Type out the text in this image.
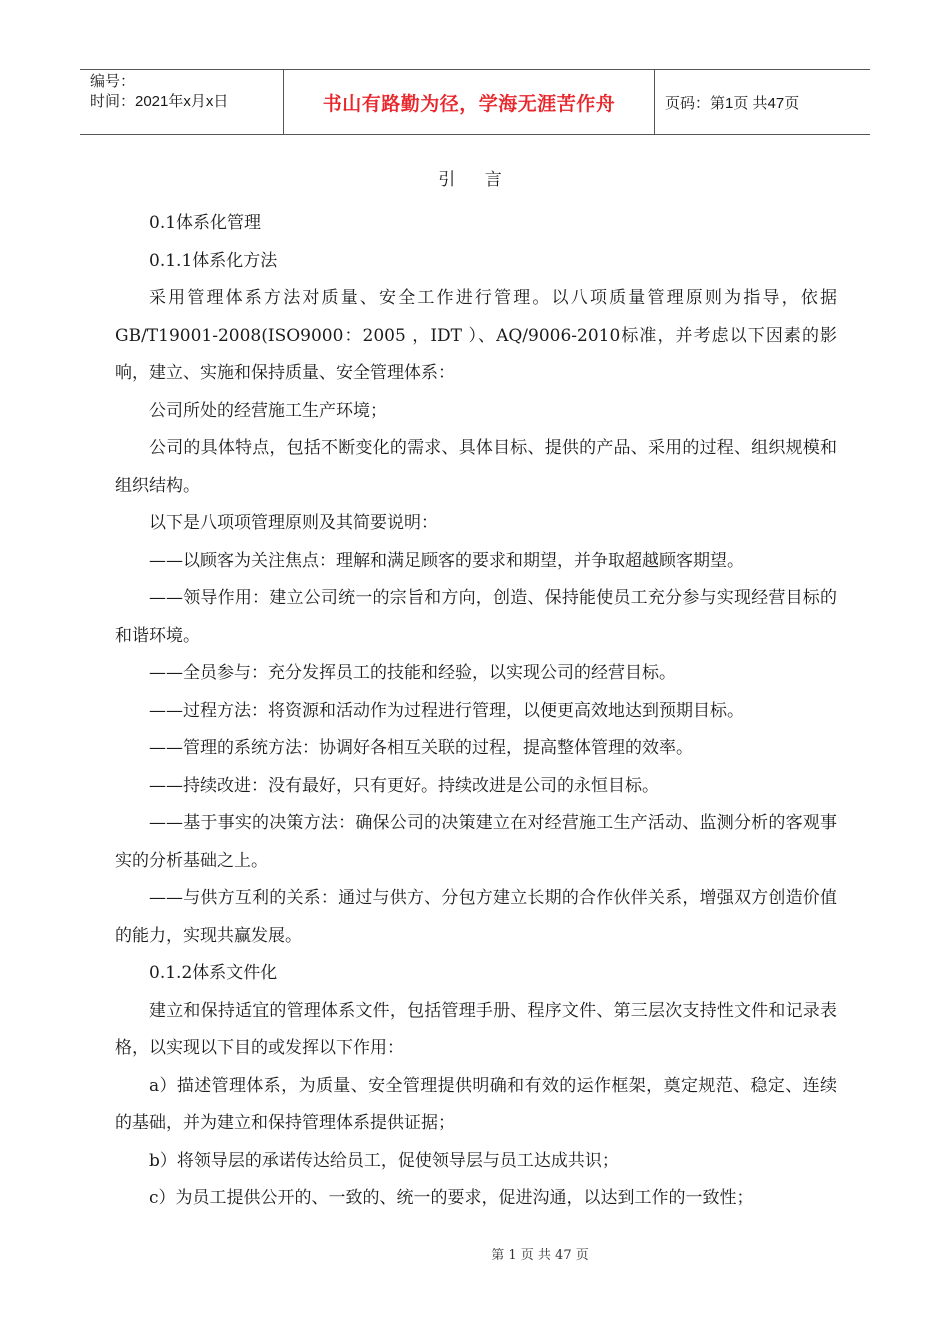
编号：
时间：2021年x月x日	书山有路勤为径，学海无涯苦作舟	页码：第1页 共47页
引 言

0.1体系化管理

0.1.1体系化方法

采用管理体系方法对质量、安全工作进行管理。以八项质量管理原则为指导，依据GB/T19001-2008(ISO9000：2005 ，IDT ）、AQ/9006-2010标准，并考虑以下因素的影响，建立、实施和保持质量、安全管理体系：

公司所处的经营施工生产环境；

公司的具体特点，包括不断变化的需求、具体目标、提供的产品、采用的过程、组织规模和组织结构。

以下是八项项管理原则及其简要说明：

——以顾客为关注焦点：理解和满足顾客的要求和期望，并争取超越顾客期望。

——领导作用：建立公司统一的宗旨和方向，创造、保持能使员工充分参与实现经营目标的和谐环境。

——全员参与：充分发挥员工的技能和经验，以实现公司的经营目标。

——过程方法：将资源和活动作为过程进行管理，以便更高效地达到预期目标。

——管理的系统方法：协调好各相互关联的过程，提高整体管理的效率。

——持续改进：没有最好，只有更好。持续改进是公司的永恒目标。

——基于事实的决策方法：确保公司的决策建立在对经营施工生产活动、监测分析的客观事实的分析基础之上。

——与供方互利的关系：通过与供方、分包方建立长期的合作伙伴关系，增强双方创造价值的能力，实现共赢发展。

0.1.2体系文件化

建立和保持适宜的管理体系文件，包括管理手册、程序文件、第三层次支持性文件和记录表格，以实现以下目的或发挥以下作用：

a）描述管理体系，为质量、安全管理提供明确和有效的运作框架，奠定规范、稳定、连续的基础，并为建立和保持管理体系提供证据；

b）将领导层的承诺传达给员工，促使领导层与员工达成共识；

c）为员工提供公开的、一致的、统一的要求，促进沟通，以达到工作的一致性；

第 1 页 共 47 页
